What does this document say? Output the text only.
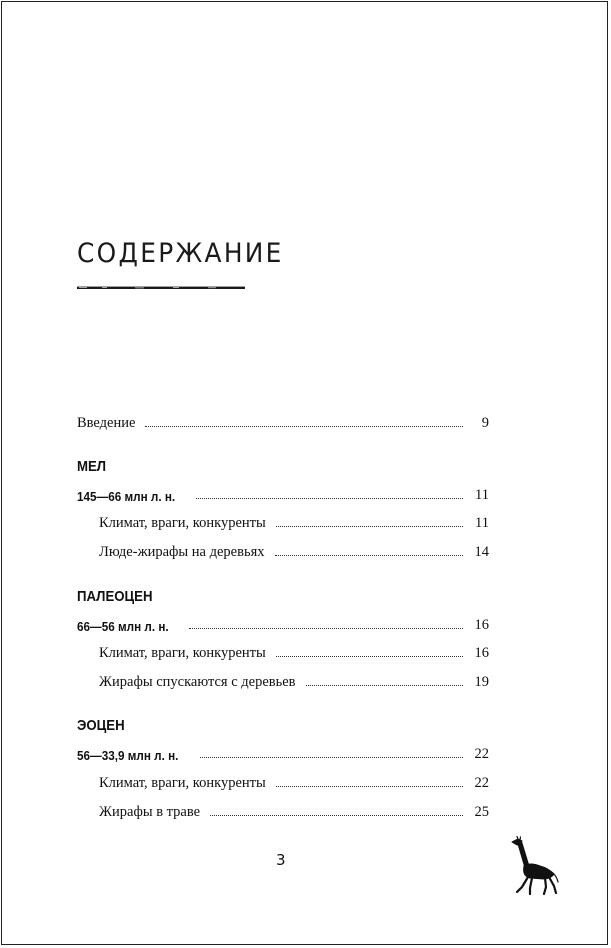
СОДЕРЖАНИЕ
Введение	9
МЕЛ
145—66 млн л. н.	11
Климат, враги, конкуренты	11
Люде-жирафы на деревьях	14
ПАЛЕОЦЕН
66—56 млн л. н.	16
Климат, враги, конкуренты	16
Жирафы спускаются с деревьев	19
ЭОЦЕН
56—33,9 млн л. н.	22
Климат, враги, конкуренты	22
Жирафы в траве	25
3
